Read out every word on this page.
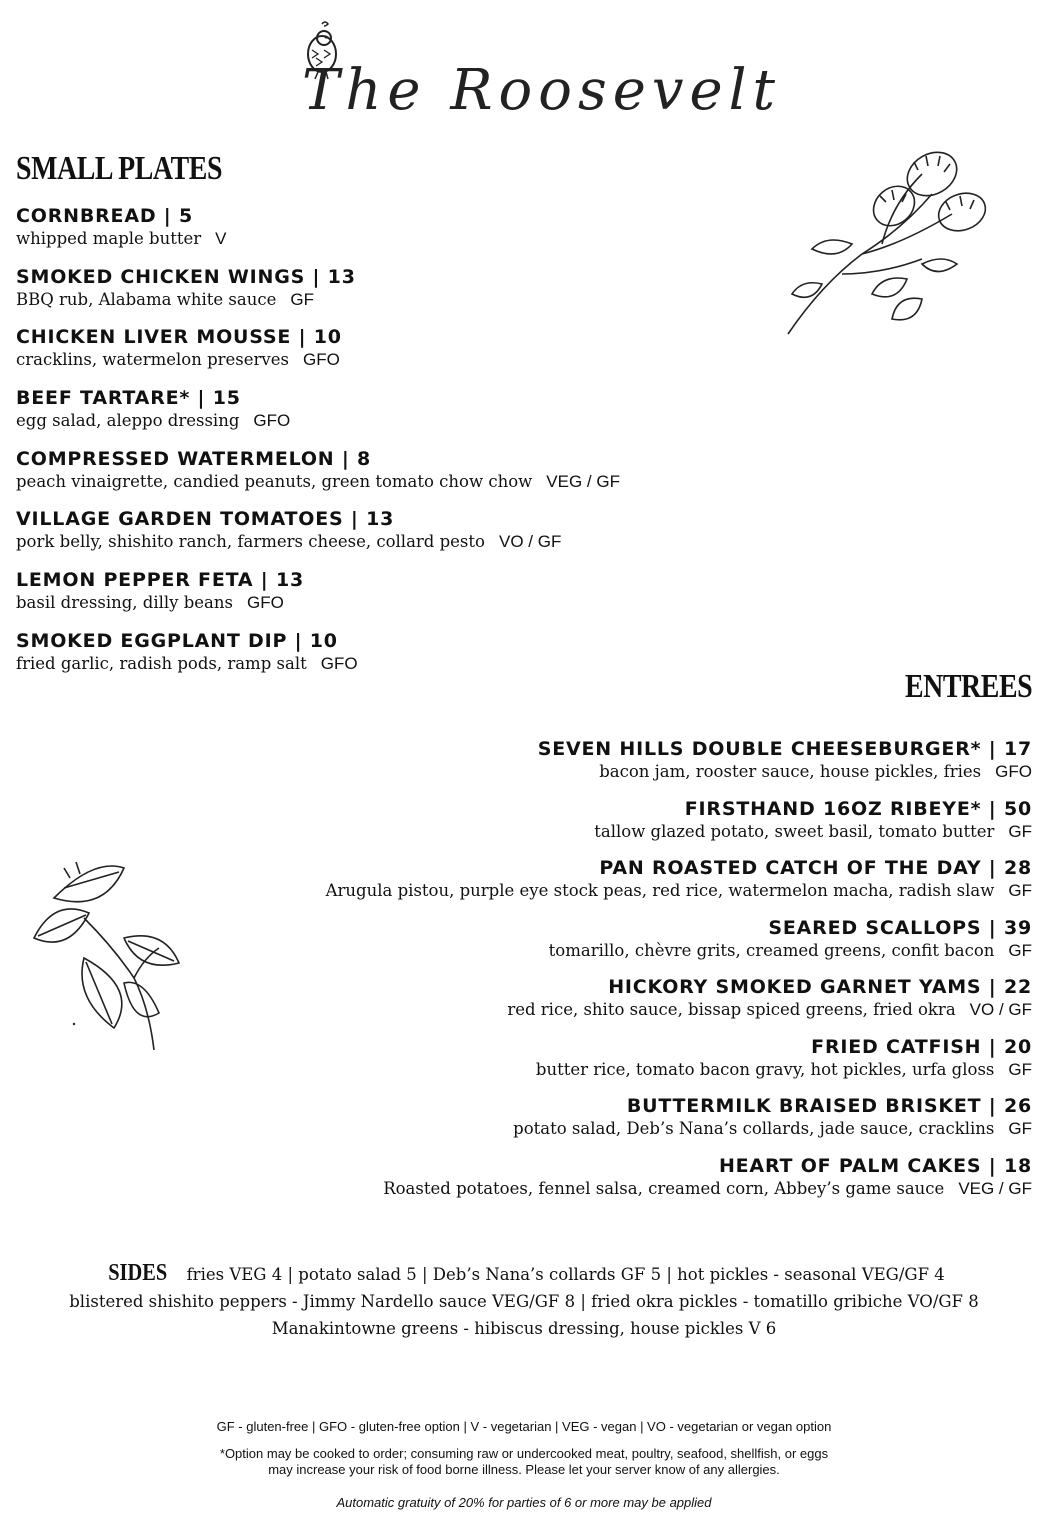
The Roosevelt
SMALL PLATES
CORNBREAD | 5
whipped maple butter V
SMOKED CHICKEN WINGS | 13
BBQ rub, Alabama white sauce GF
CHICKEN LIVER MOUSSE | 10
cracklins, watermelon preserves GFO
BEEF TARTARE* | 15
egg salad, aleppo dressing GFO
COMPRESSED WATERMELON | 8
peach vinaigrette, candied peanuts, green tomato chow chow VEG / GF
VILLAGE GARDEN TOMATOES | 13
pork belly, shishito ranch, farmers cheese, collard pesto VO / GF
LEMON PEPPER FETA | 13
basil dressing, dilly beans GFO
SMOKED EGGPLANT DIP | 10
fried garlic, radish pods, ramp salt GFO
ENTREES
SEVEN HILLS DOUBLE CHEESEBURGER* | 17
bacon jam, rooster sauce, house pickles, fries GFO
FIRSTHAND 16OZ RIBEYE* | 50
tallow glazed potato, sweet basil, tomato butter GF
PAN ROASTED CATCH OF THE DAY | 28
Arugula pistou, purple eye stock peas, red rice, watermelon macha, radish slaw GF
SEARED SCALLOPS | 39
tomarillo, chèvre grits, creamed greens, confit bacon GF
HICKORY SMOKED GARNET YAMS | 22
red rice, shito sauce, bissap spiced greens, fried okra VO / GF
FRIED CATFISH | 20
butter rice, tomato bacon gravy, hot pickles, urfa gloss GF
BUTTERMILK BRAISED BRISKET | 26
potato salad, Deb’s Nana’s collards, jade sauce, cracklins GF
HEART OF PALM CAKES | 18
Roasted potatoes, fennel salsa, creamed corn, Abbey’s game sauce VEG / GF
SIDES fries VEG 4 | potato salad 5 | Deb’s Nana’s collards GF 5 | hot pickles - seasonal VEG/GF 4
blistered shishito peppers - Jimmy Nardello sauce VEG/GF 8 | fried okra pickles - tomatillo gribiche VO/GF 8
Manakintowne greens - hibiscus dressing, house pickles V 6
GF - gluten-free | GFO - gluten-free option | V - vegetarian | VEG - vegan | VO - vegetarian or vegan option
*Option may be cooked to order; consuming raw or undercooked meat, poultry, seafood, shellfish, or eggs
may increase your risk of food borne illness. Please let your server know of any allergies.
Automatic gratuity of 20% for parties of 6 or more may be applied
